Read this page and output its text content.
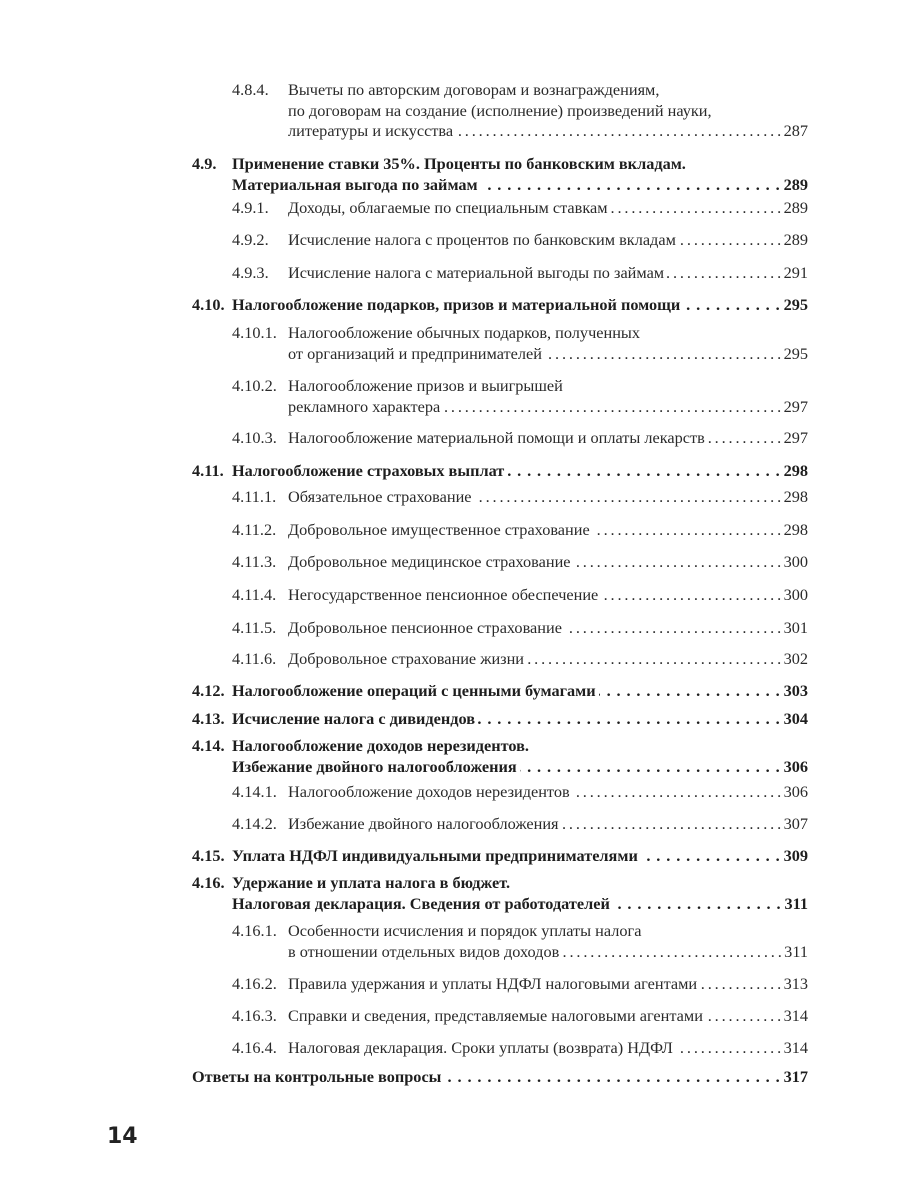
4.8.4. Вычеты по авторским договорам и вознаграждениям,
по договорам на создание (исполнение) произведений науки,
литературы и искусства . . .	287
4.9. Применение ставки 35%. Проценты по банковским вкладам.
Материальная выгода по займам . . .	289
4.9.1. Доходы, облагаемые по специальным ставкам . . .	289
4.9.2. Исчисление налога с процентов по банковским вкладам . . .	289
4.9.3. Исчисление налога с материальной выгоды по займам . . .	291
4.10. Налогообложение подарков, призов и материальной помощи . . .	295
4.10.1. Налогообложение обычных подарков, полученных
от организаций и предпринимателей . . .	295
4.10.2. Налогообложение призов и выигрышей
рекламного характера . . .	297
4.10.3. Налогообложение материальной помощи и оплаты лекарств . . .	297
4.11. Налогообложение страховых выплат . . .	298
4.11.1. Обязательное страхование . . .	298
4.11.2. Добровольное имущественное страхование . . .	298
4.11.3. Добровольное медицинское страхование . . .	300
4.11.4. Негосударственное пенсионное обеспечение . . .	300
4.11.5. Добровольное пенсионное страхование . . .	301
4.11.6. Добровольное страхование жизни . . .	302
4.12. Налогообложение операций с ценными бумагами . . .	303
4.13. Исчисление налога с дивидендов . . .	304
4.14. Налогообложение доходов нерезидентов.
Избежание двойного налогообложения . . .	306
4.14.1. Налогообложение доходов нерезидентов . . .	306
4.14.2. Избежание двойного налогообложения . . .	307
4.15. Уплата НДФЛ индивидуальными предпринимателями . . .	309
4.16. Удержание и уплата налога в бюджет.
Налоговая декларация. Сведения от работодателей . . .	311
4.16.1. Особенности исчисления и порядок уплаты налога
в отношении отдельных видов доходов . . .	311
4.16.2. Правила удержания и уплаты НДФЛ налоговыми агентами . . .	313
4.16.3. Справки и сведения, представляемые налоговыми агентами . . .	314
4.16.4. Налоговая декларация. Сроки уплаты (возврата) НДФЛ . . .	314
Ответы на контрольные вопросы . . .	317
14
